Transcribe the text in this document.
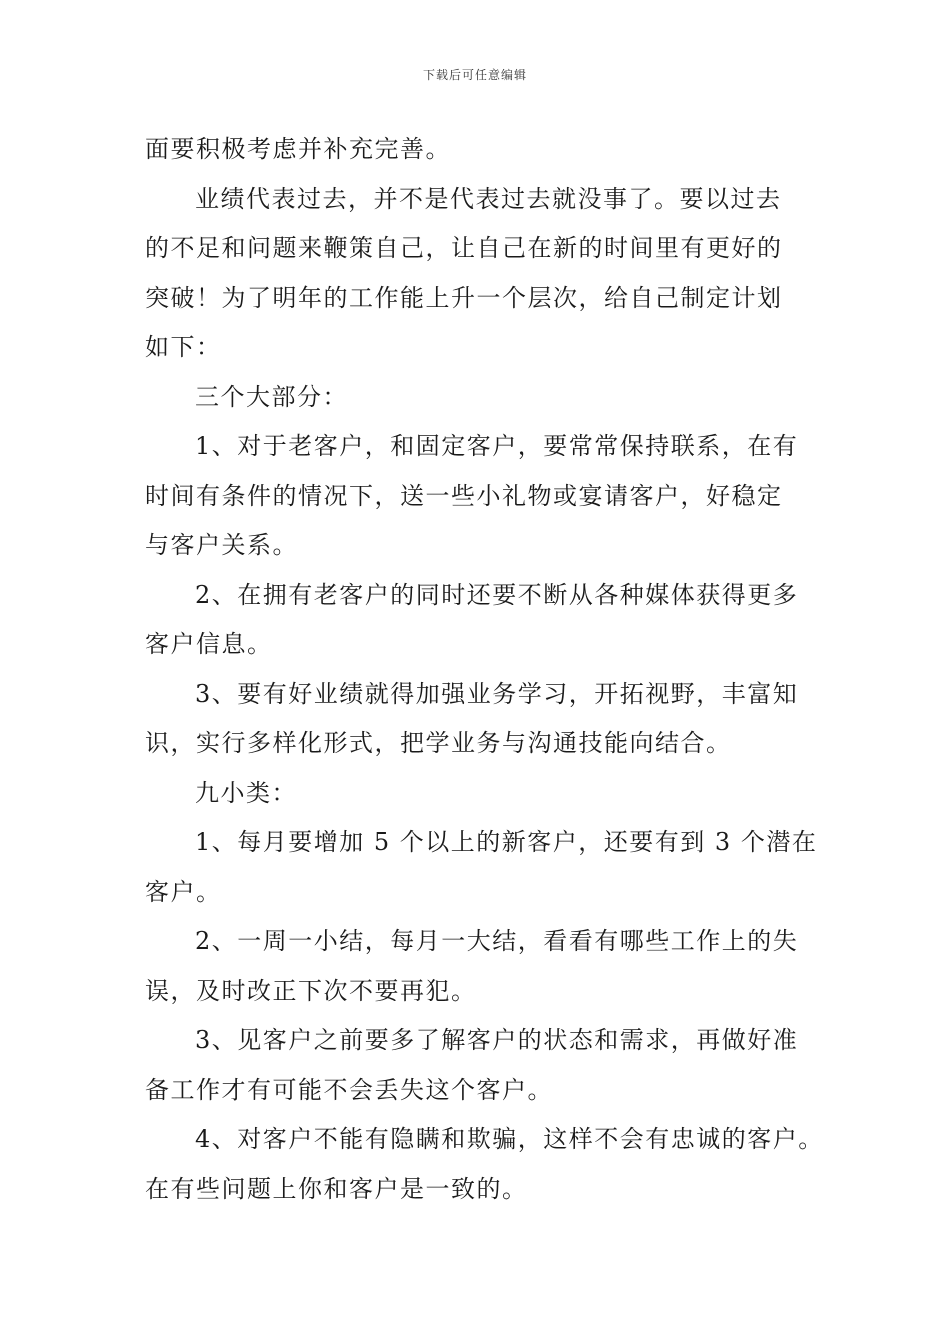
下载后可任意编辑
面要积极考虑并补充完善。
业绩代表过去，并不是代表过去就没事了。要以过去
的不足和问题来鞭策自己，让自己在新的时间里有更好的
突破！为了明年的工作能上升一个层次，给自己制定计划
如下：
三个大部分：
1、对于老客户，和固定客户，要常常保持联系，在有
时间有条件的情况下，送一些小礼物或宴请客户，好稳定
与客户关系。
2、在拥有老客户的同时还要不断从各种媒体获得更多
客户信息。
3、要有好业绩就得加强业务学习，开拓视野，丰富知
识，实行多样化形式，把学业务与沟通技能向结合。
九小类：
1、每月要增加 5 个以上的新客户，还要有到 3 个潜在
客户。
2、一周一小结，每月一大结，看看有哪些工作上的失
误，及时改正下次不要再犯。
3、见客户之前要多了解客户的状态和需求，再做好准
备工作才有可能不会丢失这个客户。
4、对客户不能有隐瞒和欺骗，这样不会有忠诚的客户。
在有些问题上你和客户是一致的。
